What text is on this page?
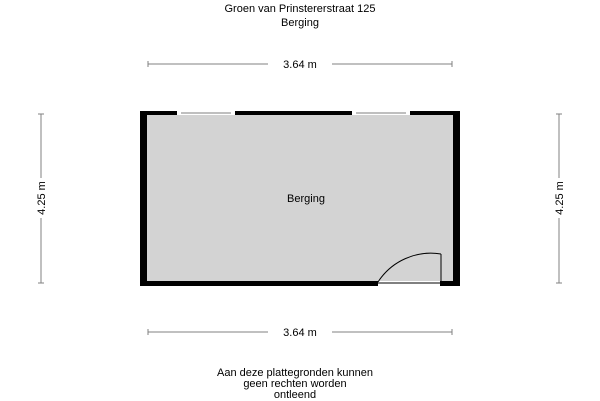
Groen van Prinstererstraat 125
Berging
3.64 m
3.64 m
4.25 m	4.25 m
Berging
Aan deze plattegronden kunnen
geen rechten worden
ontleend
